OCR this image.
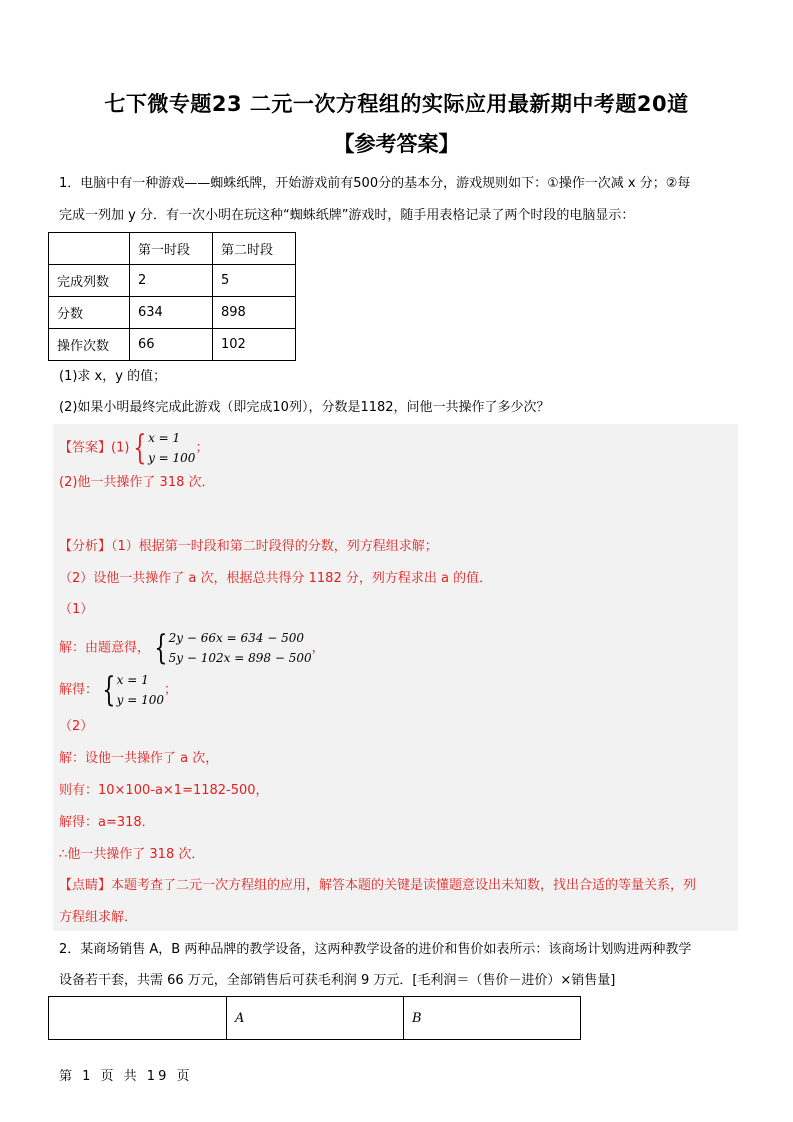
七下微专题23 二元一次方程组的实际应用最新期中考题20道
【参考答案】
1．电脑中有一种游戏——蜘蛛纸牌，开始游戏前有500分的基本分，游戏规则如下：①操作一次减 x 分；②每
完成一列加 y 分．有一次小明在玩这种“蜘蛛纸牌”游戏时，随手用表格记录了两个时段的电脑显示：
	第一时段	第二时段
完成列数	2	5
分数	634	898
操作次数	66	102
(1)求 x，y 的值；
(2)如果小明最终完成此游戏（即完成10列），分数是1182，问他一共操作了多少次？
【答案】(1) { x = 1
y = 100
；
(2)他一共操作了 318 次．
【分析】（1）根据第一时段和第二时段得的分数，列方程组求解；
（2）设他一共操作了 a 次，根据总共得分 1182 分，列方程求出 a 的值．
（1）
解：由题意得， { 2y − 66x = 634 − 500
5y − 102x = 898 − 500
，
解得： { x = 1
y = 100
；
（2）
解：设他一共操作了 a 次，
则有：10×100-a×1=1182-500，
解得：a=318．
∴他一共操作了 318 次．
【点睛】本题考查了二元一次方程组的应用，解答本题的关键是读懂题意设出未知数，找出合适的等量关系，列
方程组求解．
2．某商场销售 A，B 两种品牌的教学设备，这两种教学设备的进价和售价如表所示：该商场计划购进两种教学
设备若干套，共需 66 万元，全部销售后可获毛利润 9 万元．[毛利润＝（售价－进价）×销售量]
	A	B
第 1 页 共 19 页
